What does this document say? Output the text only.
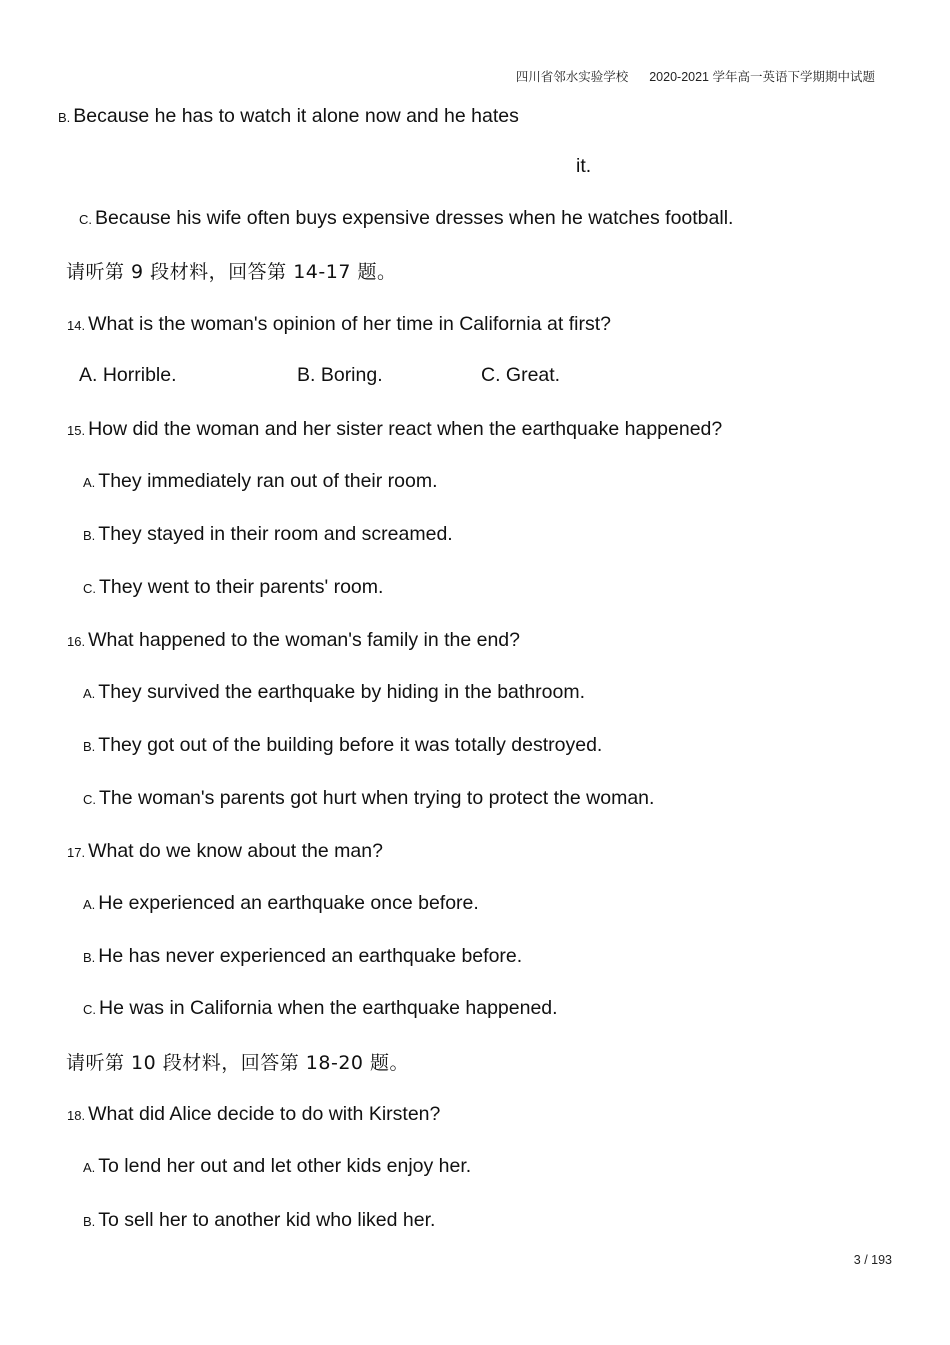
四川省邻水实验学校 2020-2021 学年高一英语下学期期中试题
B. Because he has to watch it alone now and he hates
it.
C. Because his wife often buys expensive dresses when he watches football.
请听第 9 段材料，回答第 14-17 题。
14. What is the woman's opinion of her time in California at first?
A. Horrible.	B. Boring.	C. Great.
15. How did the woman and her sister react when the earthquake happened?
A. They immediately ran out of their room.
B. They stayed in their room and screamed.
C. They went to their parents' room.
16. What happened to the woman's family in the end?
A. They survived the earthquake by hiding in the bathroom.
B. They got out of the building before it was totally destroyed.
C. The woman's parents got hurt when trying to protect the woman.
17. What do we know about the man?
A. He experienced an earthquake once before.
B. He has never experienced an earthquake before.
C. He was in California when the earthquake happened.
请听第 10 段材料，回答第 18-20 题。
18. What did Alice decide to do with Kirsten?
A. To lend her out and let other kids enjoy her.
B. To sell her to another kid who liked her.
3 / 193
